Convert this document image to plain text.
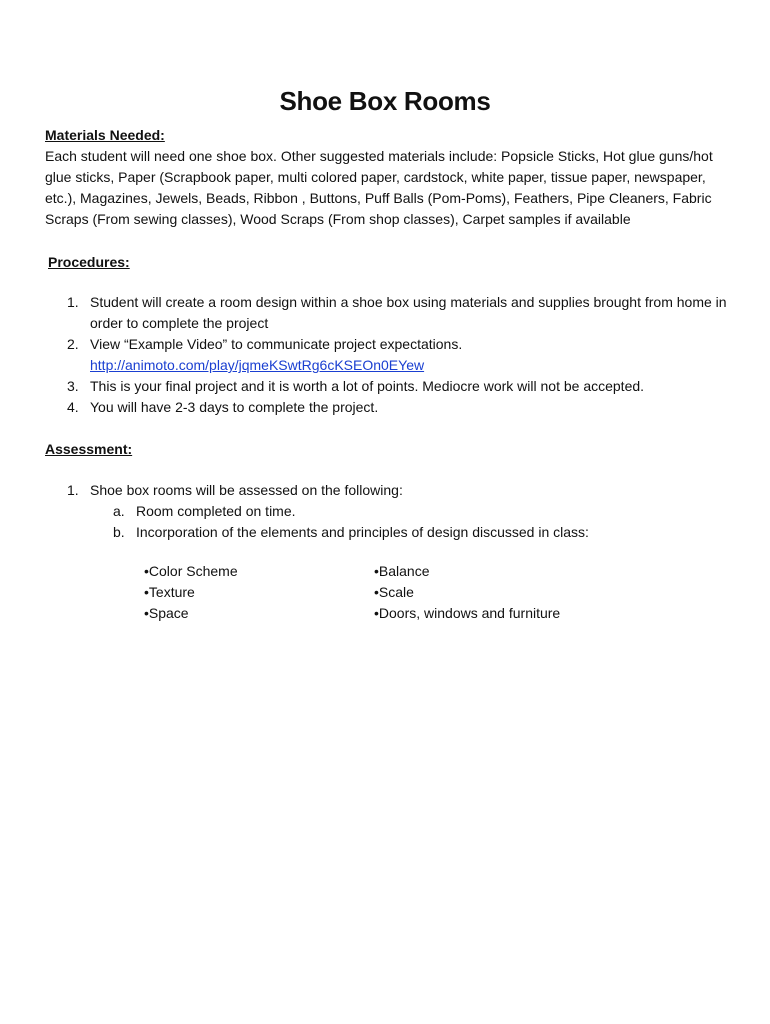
Shoe Box Rooms
Materials Needed:
Each student will need one shoe box. Other suggested materials include: Popsicle Sticks, Hot glue guns/hot glue sticks, Paper (Scrapbook paper, multi colored paper, cardstock, white paper, tissue paper, newspaper, etc.), Magazines, Jewels, Beads, Ribbon , Buttons, Puff Balls (Pom-Poms), Feathers, Pipe Cleaners, Fabric Scraps (From sewing classes), Wood Scraps (From shop classes), Carpet samples if available
Procedures:
1. Student will create a room design within a shoe box using materials and supplies brought from home in order to complete the project
2. View “Example Video” to communicate project expectations.  http://animoto.com/play/jqmeKSwtRg6cKSEOn0EYew
3. This is your final project and it is worth a lot of points. Mediocre work will not be accepted.
4. You will have 2-3 days to complete the project.
Assessment:
1. Shoe box rooms will be assessed on the following:
a. Room completed on time.
b. Incorporation of the elements and principles of design discussed in class:
•Color Scheme
•Texture
•Space
•Balance
•Scale
•Doors, windows and furniture
